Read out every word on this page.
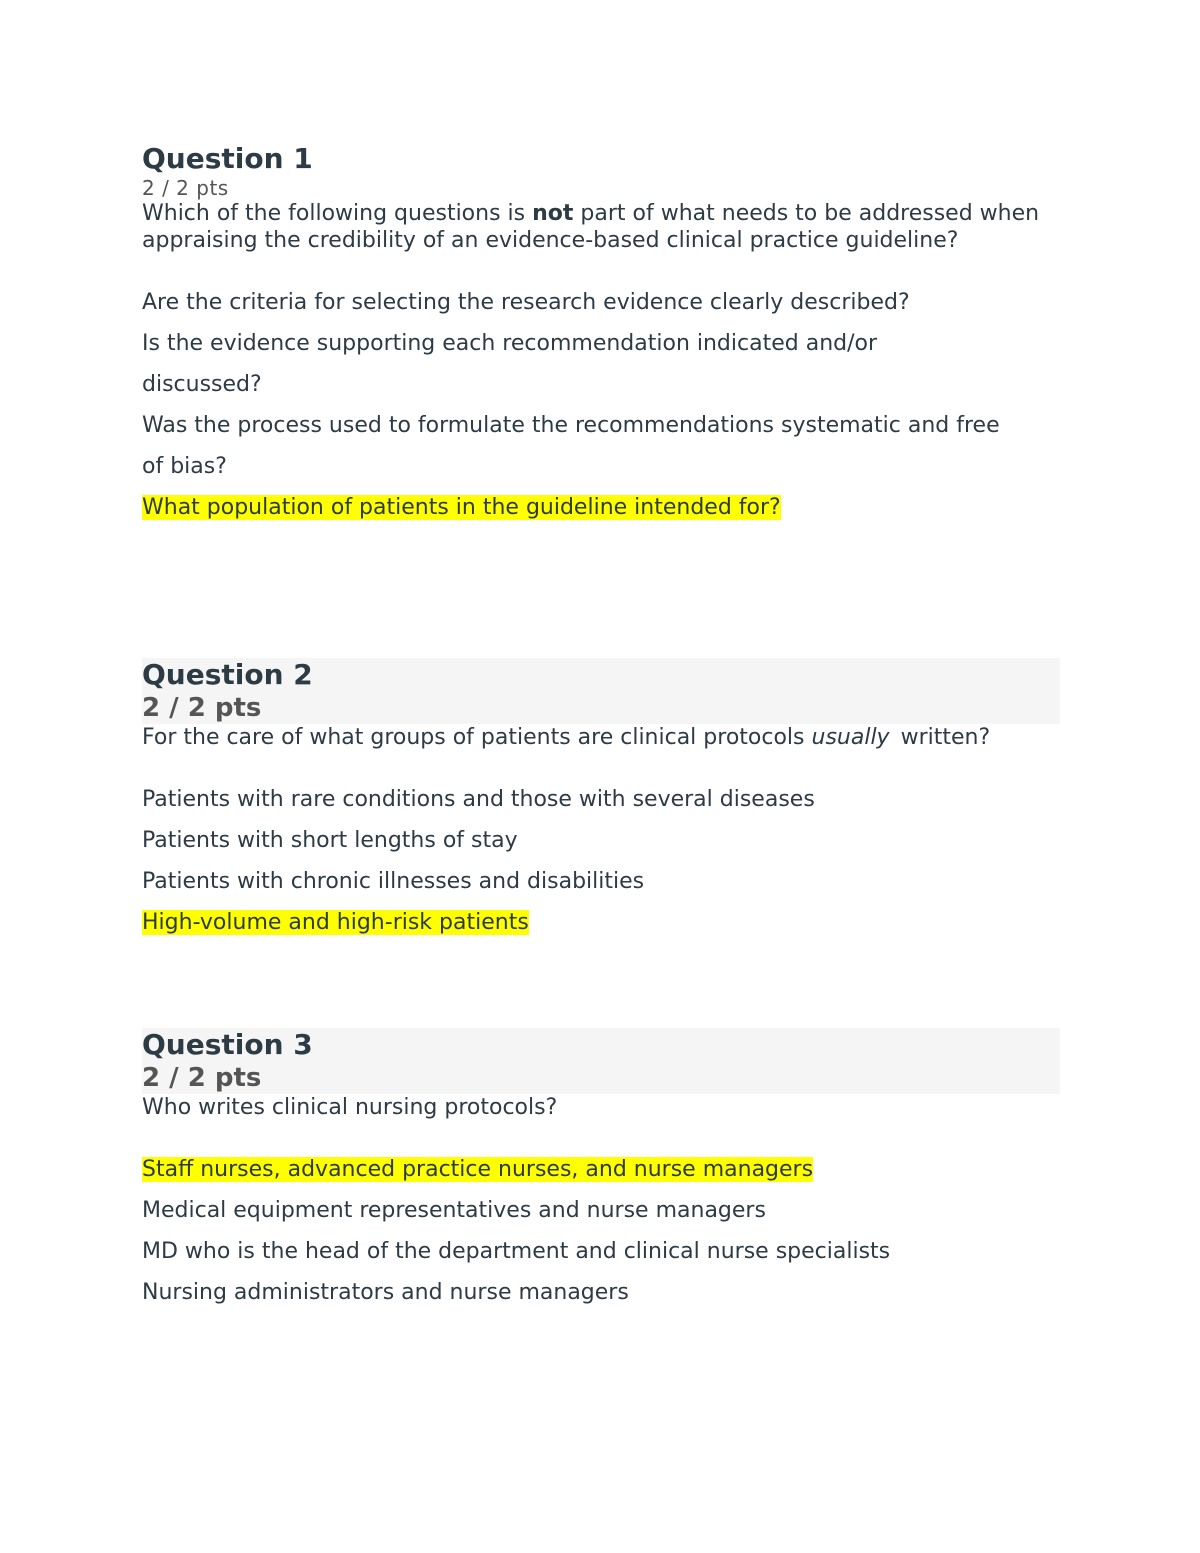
Question 1
2 / 2 pts

Which of the following questions is not part of what needs to be addressed when appraising the credibility of an evidence-based clinical practice guideline?

Are the criteria for selecting the research evidence clearly described?
Is the evidence supporting each recommendation indicated and/or
discussed?
Was the process used to formulate the recommendations systematic and free
of bias?
What population of patients in the guideline intended for?
Question 2
2 / 2 pts

For the care of what groups of patients are clinical protocols usually written?

Patients with rare conditions and those with several diseases
Patients with short lengths of stay
Patients with chronic illnesses and disabilities
High-volume and high-risk patients
Question 3
2 / 2 pts

Who writes clinical nursing protocols?

Staff nurses, advanced practice nurses, and nurse managers
Medical equipment representatives and nurse managers
MD who is the head of the department and clinical nurse specialists
Nursing administrators and nurse managers
